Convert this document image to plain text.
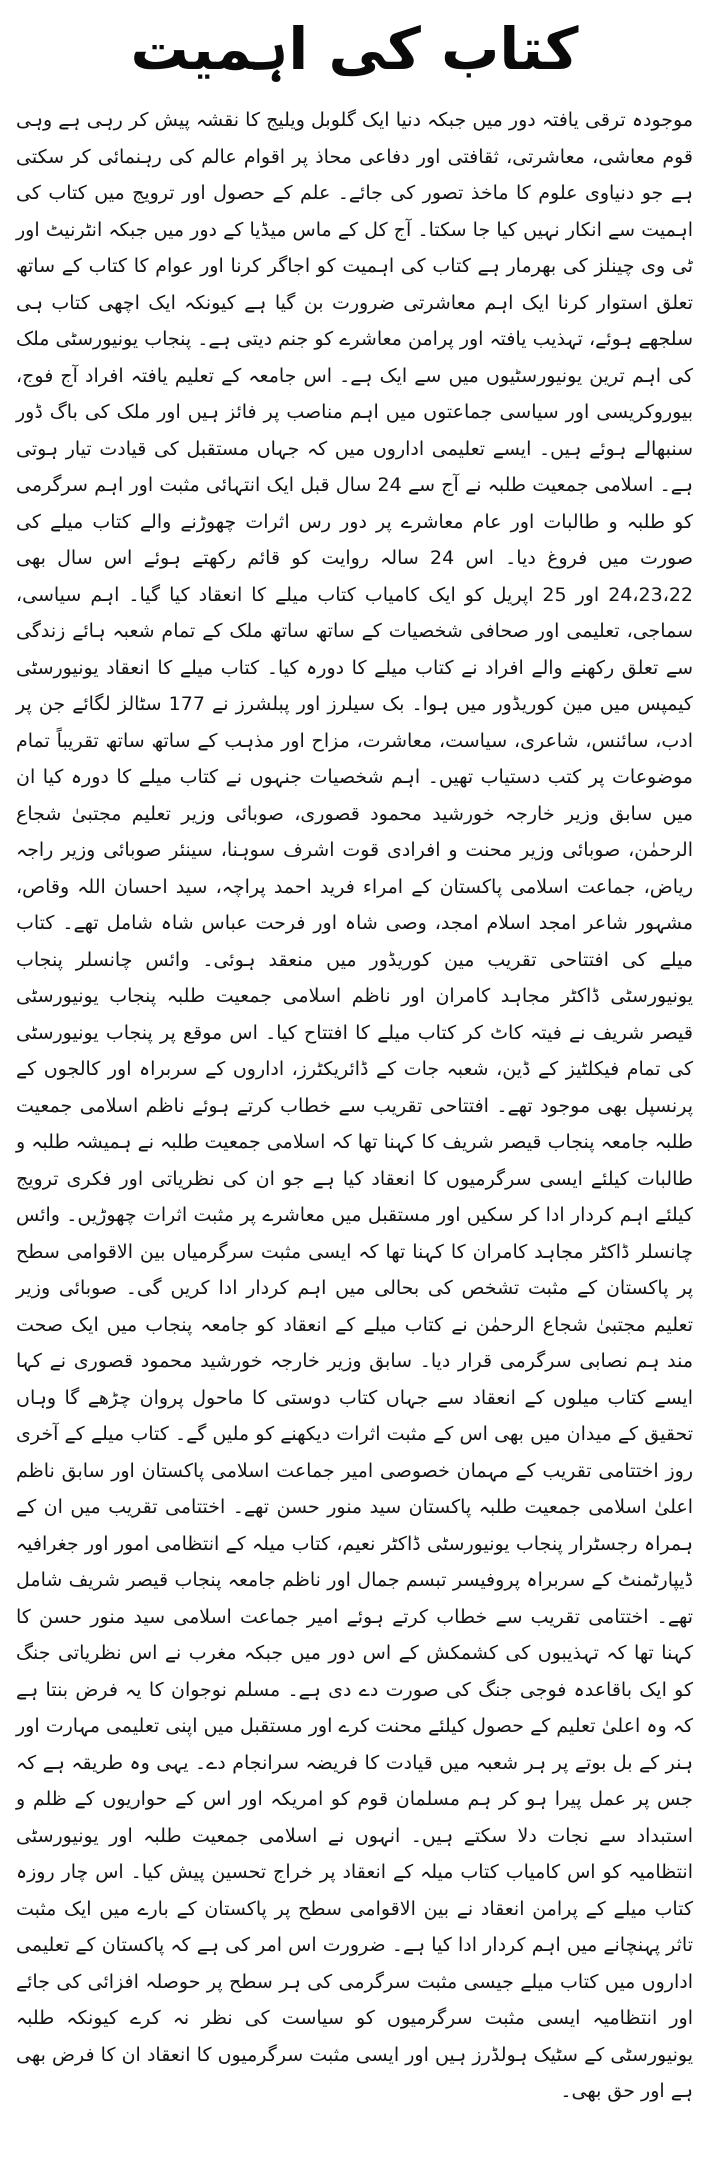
کتاب کی اہمیت

موجودہ ترقی یافتہ دور میں جبکہ دنیا ایک گلوبل ویلیج کا نقشہ پیش کر رہی ہے وہی قوم معاشی، معاشرتی، ثقافتی اور دفاعی محاذ پر اقوام عالم کی رہنمائی کر سکتی ہے جو دنیاوی علوم کا ماخذ تصور کی جائے۔ علم کے حصول اور ترویج میں کتاب کی اہمیت سے انکار نہیں کیا جا سکتا۔ آج کل کے ماس میڈیا کے دور میں جبکہ انٹرنیٹ اور ٹی وی چینلز کی بھرمار ہے کتاب کی اہمیت کو اجاگر کرنا اور عوام کا کتاب کے ساتھ تعلق استوار کرنا ایک اہم معاشرتی ضرورت بن گیا ہے کیونکہ ایک اچھی کتاب ہی سلجھے ہوئے، تہذیب یافتہ اور پرامن معاشرے کو جنم دیتی ہے۔ پنجاب یونیورسٹی ملک کی اہم ترین یونیورسٹیوں میں سے ایک ہے۔ اس جامعہ کے تعلیم یافتہ افراد آج فوج، بیوروکریسی اور سیاسی جماعتوں میں اہم مناصب پر فائز ہیں اور ملک کی باگ ڈور سنبھالے ہوئے ہیں۔ ایسے تعلیمی اداروں میں کہ جہاں مستقبل کی قیادت تیار ہوتی ہے۔ اسلامی جمعیت طلبہ نے آج سے 24 سال قبل ایک انتہائی مثبت اور اہم سرگرمی کو طلبہ و طالبات اور عام معاشرے پر دور رس اثرات چھوڑنے والے کتاب میلے کی صورت میں فروغ دیا۔ اس 24 سالہ روایت کو قائم رکھتے ہوئے اس سال بھی 24،23،22 اور 25 اپریل کو ایک کامیاب کتاب میلے کا انعقاد کیا گیا۔ اہم سیاسی، سماجی، تعلیمی اور صحافی شخصیات کے ساتھ ساتھ ملک کے تمام شعبہ ہائے زندگی سے تعلق رکھنے والے افراد نے کتاب میلے کا دورہ کیا۔ کتاب میلے کا انعقاد یونیورسٹی کیمپس میں مین کوریڈور میں ہوا۔ بک سیلرز اور پبلشرز نے 177 سٹالز لگائے جن پر ادب، سائنس، شاعری، سیاست، معاشرت، مزاح اور مذہب کے ساتھ ساتھ تقریباً تمام موضوعات پر کتب دستیاب تھیں۔ اہم شخصیات جنہوں نے کتاب میلے کا دورہ کیا ان میں سابق وزیر خارجہ خورشید محمود قصوری، صوبائی وزیر تعلیم مجتبیٰ شجاع الرحمٰن، صوبائی وزیر محنت و افرادی قوت اشرف سوہنا، سینئر صوبائی وزیر راجہ ریاض، جماعت اسلامی پاکستان کے امراء فرید احمد پراچہ، سید احسان اللہ وقاص، مشہور شاعر امجد اسلام امجد، وصی شاہ اور فرحت عباس شاہ شامل تھے۔ کتاب میلے کی افتتاحی تقریب مین کوریڈور میں منعقد ہوئی۔ وائس چانسلر پنجاب یونیورسٹی ڈاکٹر مجاہد کامران اور ناظم اسلامی جمعیت طلبہ پنجاب یونیورسٹی قیصر شریف نے فیتہ کاٹ کر کتاب میلے کا افتتاح کیا۔ اس موقع پر پنجاب یونیورسٹی کی تمام فیکلٹیز کے ڈین، شعبہ جات کے ڈائریکٹرز، اداروں کے سربراہ اور کالجوں کے پرنسپل بھی موجود تھے۔ افتتاحی تقریب سے خطاب کرتے ہوئے ناظم اسلامی جمعیت طلبہ جامعہ پنجاب قیصر شریف کا کہنا تھا کہ اسلامی جمعیت طلبہ نے ہمیشہ طلبہ و طالبات کیلئے ایسی سرگرمیوں کا انعقاد کیا ہے جو ان کی نظریاتی اور فکری ترویج کیلئے اہم کردار ادا کر سکیں اور مستقبل میں معاشرے پر مثبت اثرات چھوڑیں۔ وائس چانسلر ڈاکٹر مجاہد کامران کا کہنا تھا کہ ایسی مثبت سرگرمیاں بین الاقوامی سطح پر پاکستان کے مثبت تشخص کی بحالی میں اہم کردار ادا کریں گی۔ صوبائی وزیر تعلیم مجتبیٰ شجاع الرحمٰن نے کتاب میلے کے انعقاد کو جامعہ پنجاب میں ایک صحت مند ہم نصابی سرگرمی قرار دیا۔ سابق وزیر خارجہ خورشید محمود قصوری نے کہا ایسے کتاب میلوں کے انعقاد سے جہاں کتاب دوستی کا ماحول پروان چڑھے گا وہاں تحقیق کے میدان میں بھی اس کے مثبت اثرات دیکھنے کو ملیں گے۔ کتاب میلے کے آخری روز اختتامی تقریب کے مہمان خصوصی امیر جماعت اسلامی پاکستان اور سابق ناظم اعلیٰ اسلامی جمعیت طلبہ پاکستان سید منور حسن تھے۔ اختتامی تقریب میں ان کے ہمراہ رجسٹرار پنجاب یونیورسٹی ڈاکٹر نعیم، کتاب میلہ کے انتظامی امور اور جغرافیہ ڈیپارٹمنٹ کے سربراہ پروفیسر تبسم جمال اور ناظم جامعہ پنجاب قیصر شریف شامل تھے۔ اختتامی تقریب سے خطاب کرتے ہوئے امیر جماعت اسلامی سید منور حسن کا کہنا تھا کہ تہذیبوں کی کشمکش کے اس دور میں جبکہ مغرب نے اس نظریاتی جنگ کو ایک باقاعدہ فوجی جنگ کی صورت دے دی ہے۔ مسلم نوجوان کا یہ فرض بنتا ہے کہ وہ اعلیٰ تعلیم کے حصول کیلئے محنت کرے اور مستقبل میں اپنی تعلیمی مہارت اور ہنر کے بل بوتے پر ہر شعبہ میں قیادت کا فریضہ سرانجام دے۔ یہی وہ طریقہ ہے کہ جس پر عمل پیرا ہو کر ہم مسلمان قوم کو امریکہ اور اس کے حواریوں کے ظلم و استبداد سے نجات دلا سکتے ہیں۔ انہوں نے اسلامی جمعیت طلبہ اور یونیورسٹی انتظامیہ کو اس کامیاب کتاب میلہ کے انعقاد پر خراج تحسین پیش کیا۔ اس چار روزہ کتاب میلے کے پرامن انعقاد نے بین الاقوامی سطح پر پاکستان کے بارے میں ایک مثبت تاثر پہنچانے میں اہم کردار ادا کیا ہے۔ ضرورت اس امر کی ہے کہ پاکستان کے تعلیمی اداروں میں کتاب میلے جیسی مثبت سرگرمی کی ہر سطح پر حوصلہ افزائی کی جائے اور انتظامیہ ایسی مثبت سرگرمیوں کو سیاست کی نظر نہ کرے کیونکہ طلبہ یونیورسٹی کے سٹیک ہولڈرز ہیں اور ایسی مثبت سرگرمیوں کا انعقاد ان کا فرض بھی ہے اور حق بھی۔
